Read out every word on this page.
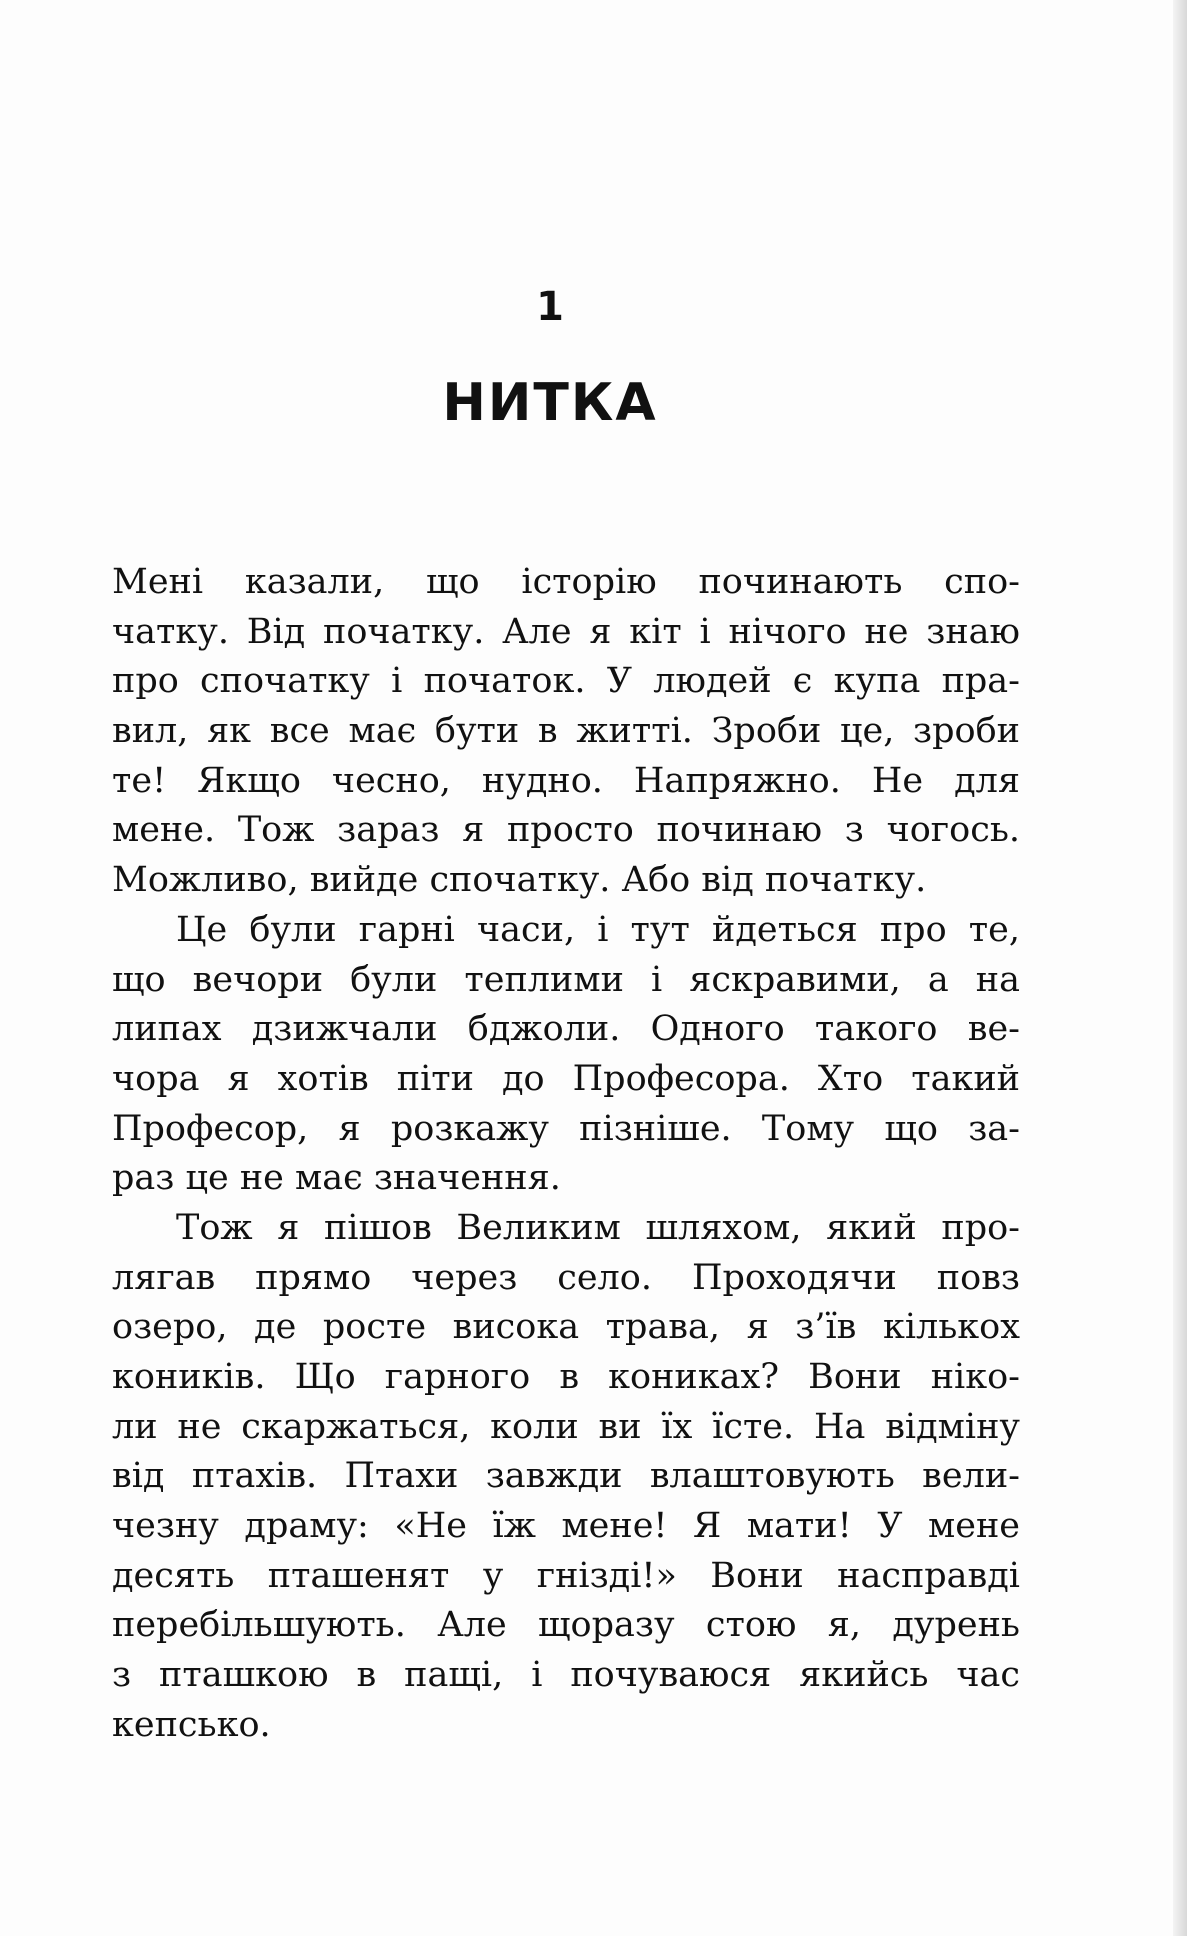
1
НИТКА
Мені казали, що історію починають спо-
чатку. Від початку. Але я кіт і нічого не знаю
про спочатку і початок. У людей є купа пра-
вил, як все має бути в житті. Зроби це, зроби
те! Якщо чесно, нудно. Напряжно. Не для
мене. Тож зараз я просто починаю з чогось.
Можливо, вийде спочатку. Або від початку.
Це були гарні часи, і тут йдеться про те,
що вечори були теплими і яскравими, а на
липах дзижчали бджоли. Одного такого ве-
чора я хотів піти до Професора. Хто такий
Професор, я розкажу пізніше. Тому що за-
раз це не має значення.
Тож я пішов Великим шляхом, який про-
лягав прямо через село. Проходячи повз
озеро, де росте висока трава, я з’їв кількох
коників. Що гарного в кониках? Вони ніко-
ли не скаржаться, коли ви їх їсте. На відміну
від птахів. Птахи завжди влаштовують вели-
чезну драму: «Не їж мене! Я мати! У мене
десять пташенят у гнізді!» Вони насправді
перебільшують. Але щоразу стою я, дурень
з пташкою в пащі, і почуваюся якийсь час
кепсько.
